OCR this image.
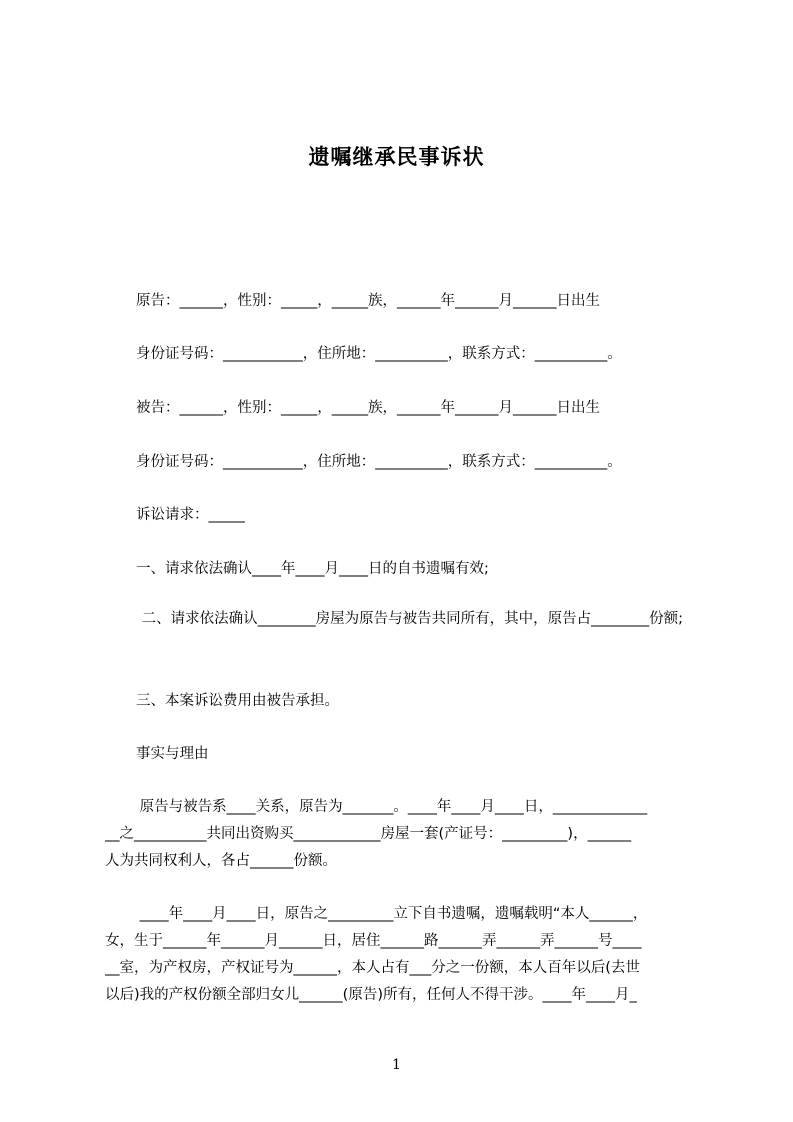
遗嘱继承民事诉状
原告：______，性别：_____，_____族，______年______月______日出生
身份证号码：___________，住所地：__________，联系方式：__________。
被告：______，性别：_____，_____族，______年______月______日出生
身份证号码：___________，住所地：__________，联系方式：__________。
诉讼请求：_____
一、请求依法确认____年____月____日的自书遗嘱有效;
二、请求依法确认________房屋为原告与被告共同所有，其中，原告占________份额;
三、本案诉讼费用由被告承担。
事实与理由
原告与被告系____关系，原告为_______。____年____月____日，_____________
__之__________共同出资购买____________房屋一套(产证号：_________)，______
人为共同权利人，各占______份额。
____年____月____日，原告之_________立下自书遗嘱，遗嘱载明“本人______，
女，生于______年______月______日，居住______路______弄______弄______号____
__室，为产权房，产权证号为______，本人占有___分之一份额，本人百年以后(去世
以后)我的产权份额全部归女儿______(原告)所有，任何人不得干涉。____年____月_
1
